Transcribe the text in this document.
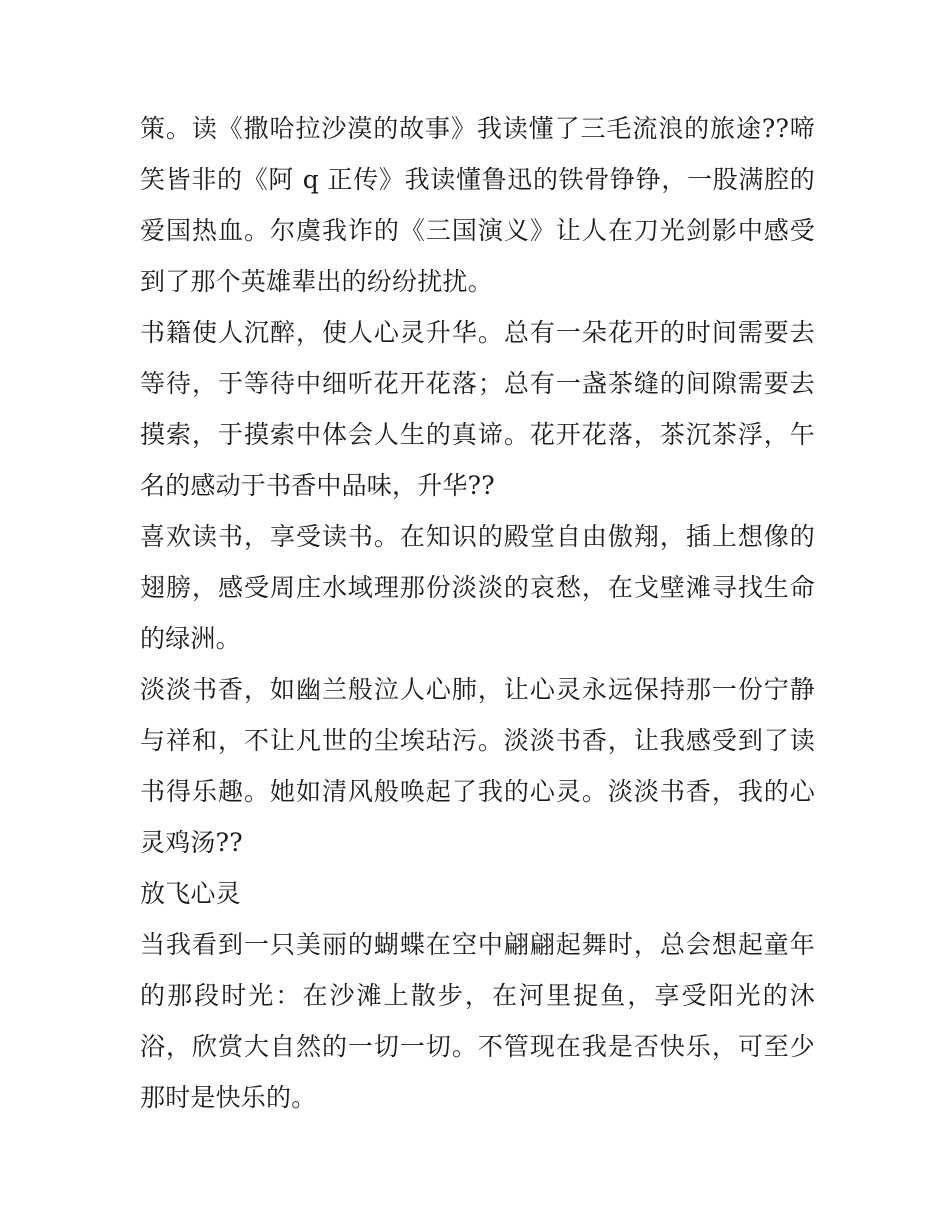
策。读《撒哈拉沙漠的故事》我读懂了三毛流浪的旅途??啼笑皆非的《阿 q 正传》我读懂鲁迅的铁骨铮铮，一股满腔的爱国热血。尔虞我诈的《三国演义》让人在刀光剑影中感受到了那个英雄辈出的纷纷扰扰。

书籍使人沉醉，使人心灵升华。总有一朵花开的时间需要去等待，于等待中细听花开花落；总有一盏茶缝的间隙需要去摸索，于摸索中体会人生的真谛。花开花落，茶沉茶浮，午名的感动于书香中品味，升华??

喜欢读书，享受读书。在知识的殿堂自由傲翔，插上想像的翅膀，感受周庄水域理那份淡淡的哀愁，在戈壁滩寻找生命的绿洲。

淡淡书香，如幽兰般泣人心肺，让心灵永远保持那一份宁静与祥和，不让凡世的尘埃玷污。淡淡书香，让我感受到了读书得乐趣。她如清风般唤起了我的心灵。淡淡书香，我的心灵鸡汤??

放飞心灵

当我看到一只美丽的蝴蝶在空中翩翩起舞时，总会想起童年的那段时光：在沙滩上散步，在河里捉鱼，享受阳光的沐浴，欣赏大自然的一切一切。不管现在我是否快乐，可至少那时是快乐的。
